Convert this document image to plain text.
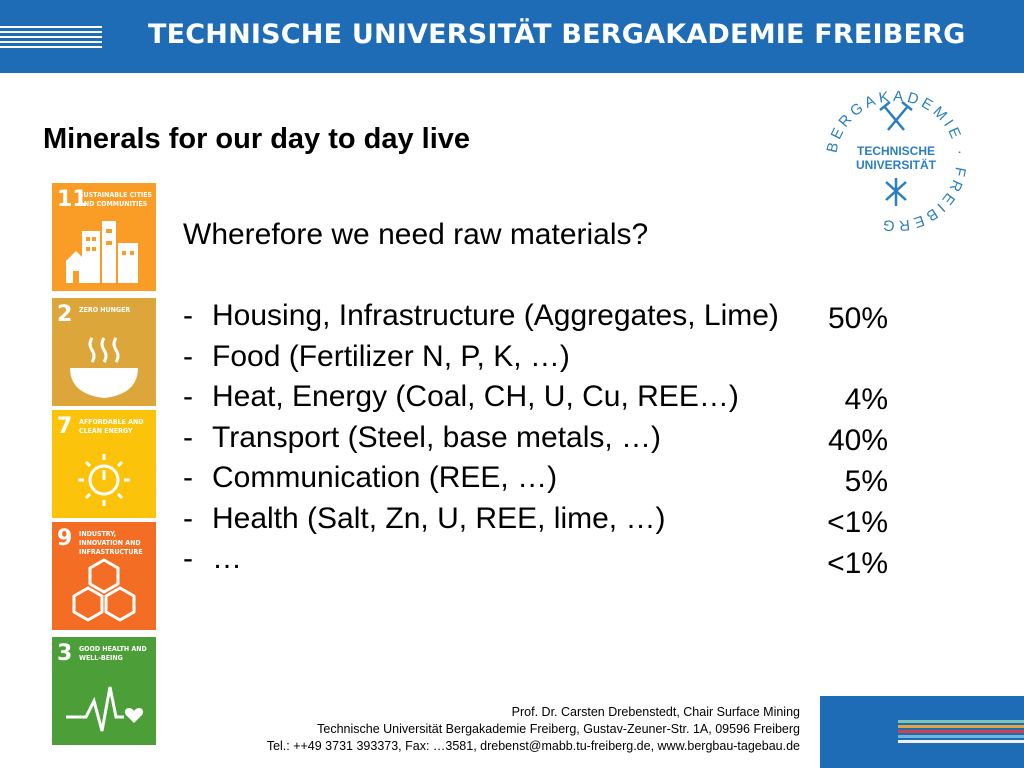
TECHNISCHE UNIVERSITÄT BERGAKADEMIE FREIBERG
Minerals for our day to day live	BERGAKADEMIE · FREIBERG
TECHNISCHE
UNIVERSITÄT
11
SUSTAINABLE CITIES AND COMMUNITIES
2 ZERO HUNGER
7 AFFORDABLE AND CLEAN ENERGY
9 INDUSTRY, INNOVATION AND INFRASTRUCTURE
3 GOOD HEALTH AND WELL-BEING
Wherefore we need raw materials?
- Housing, Infrastructure (Aggregates, Lime)
- Food (Fertilizer N, P, K, …)
- Heat, Energy (Coal, CH, U, Cu, REE…)
- Transport (Steel, base metals, …)
- Communication (REE, …)
- Health (Salt, Zn, U, REE, lime, …)
- …
50%
4%
40%
5%
<1%
<1%
Prof. Dr. Carsten Drebenstedt, Chair Surface Mining
Technische Universität Bergakademie Freiberg, Gustav-Zeuner-Str. 1A, 09596 Freiberg
Tel.: ++49 3731 393373, Fax: …3581, drebenst@mabb.tu-freiberg.de, www.bergbau-tagebau.de
